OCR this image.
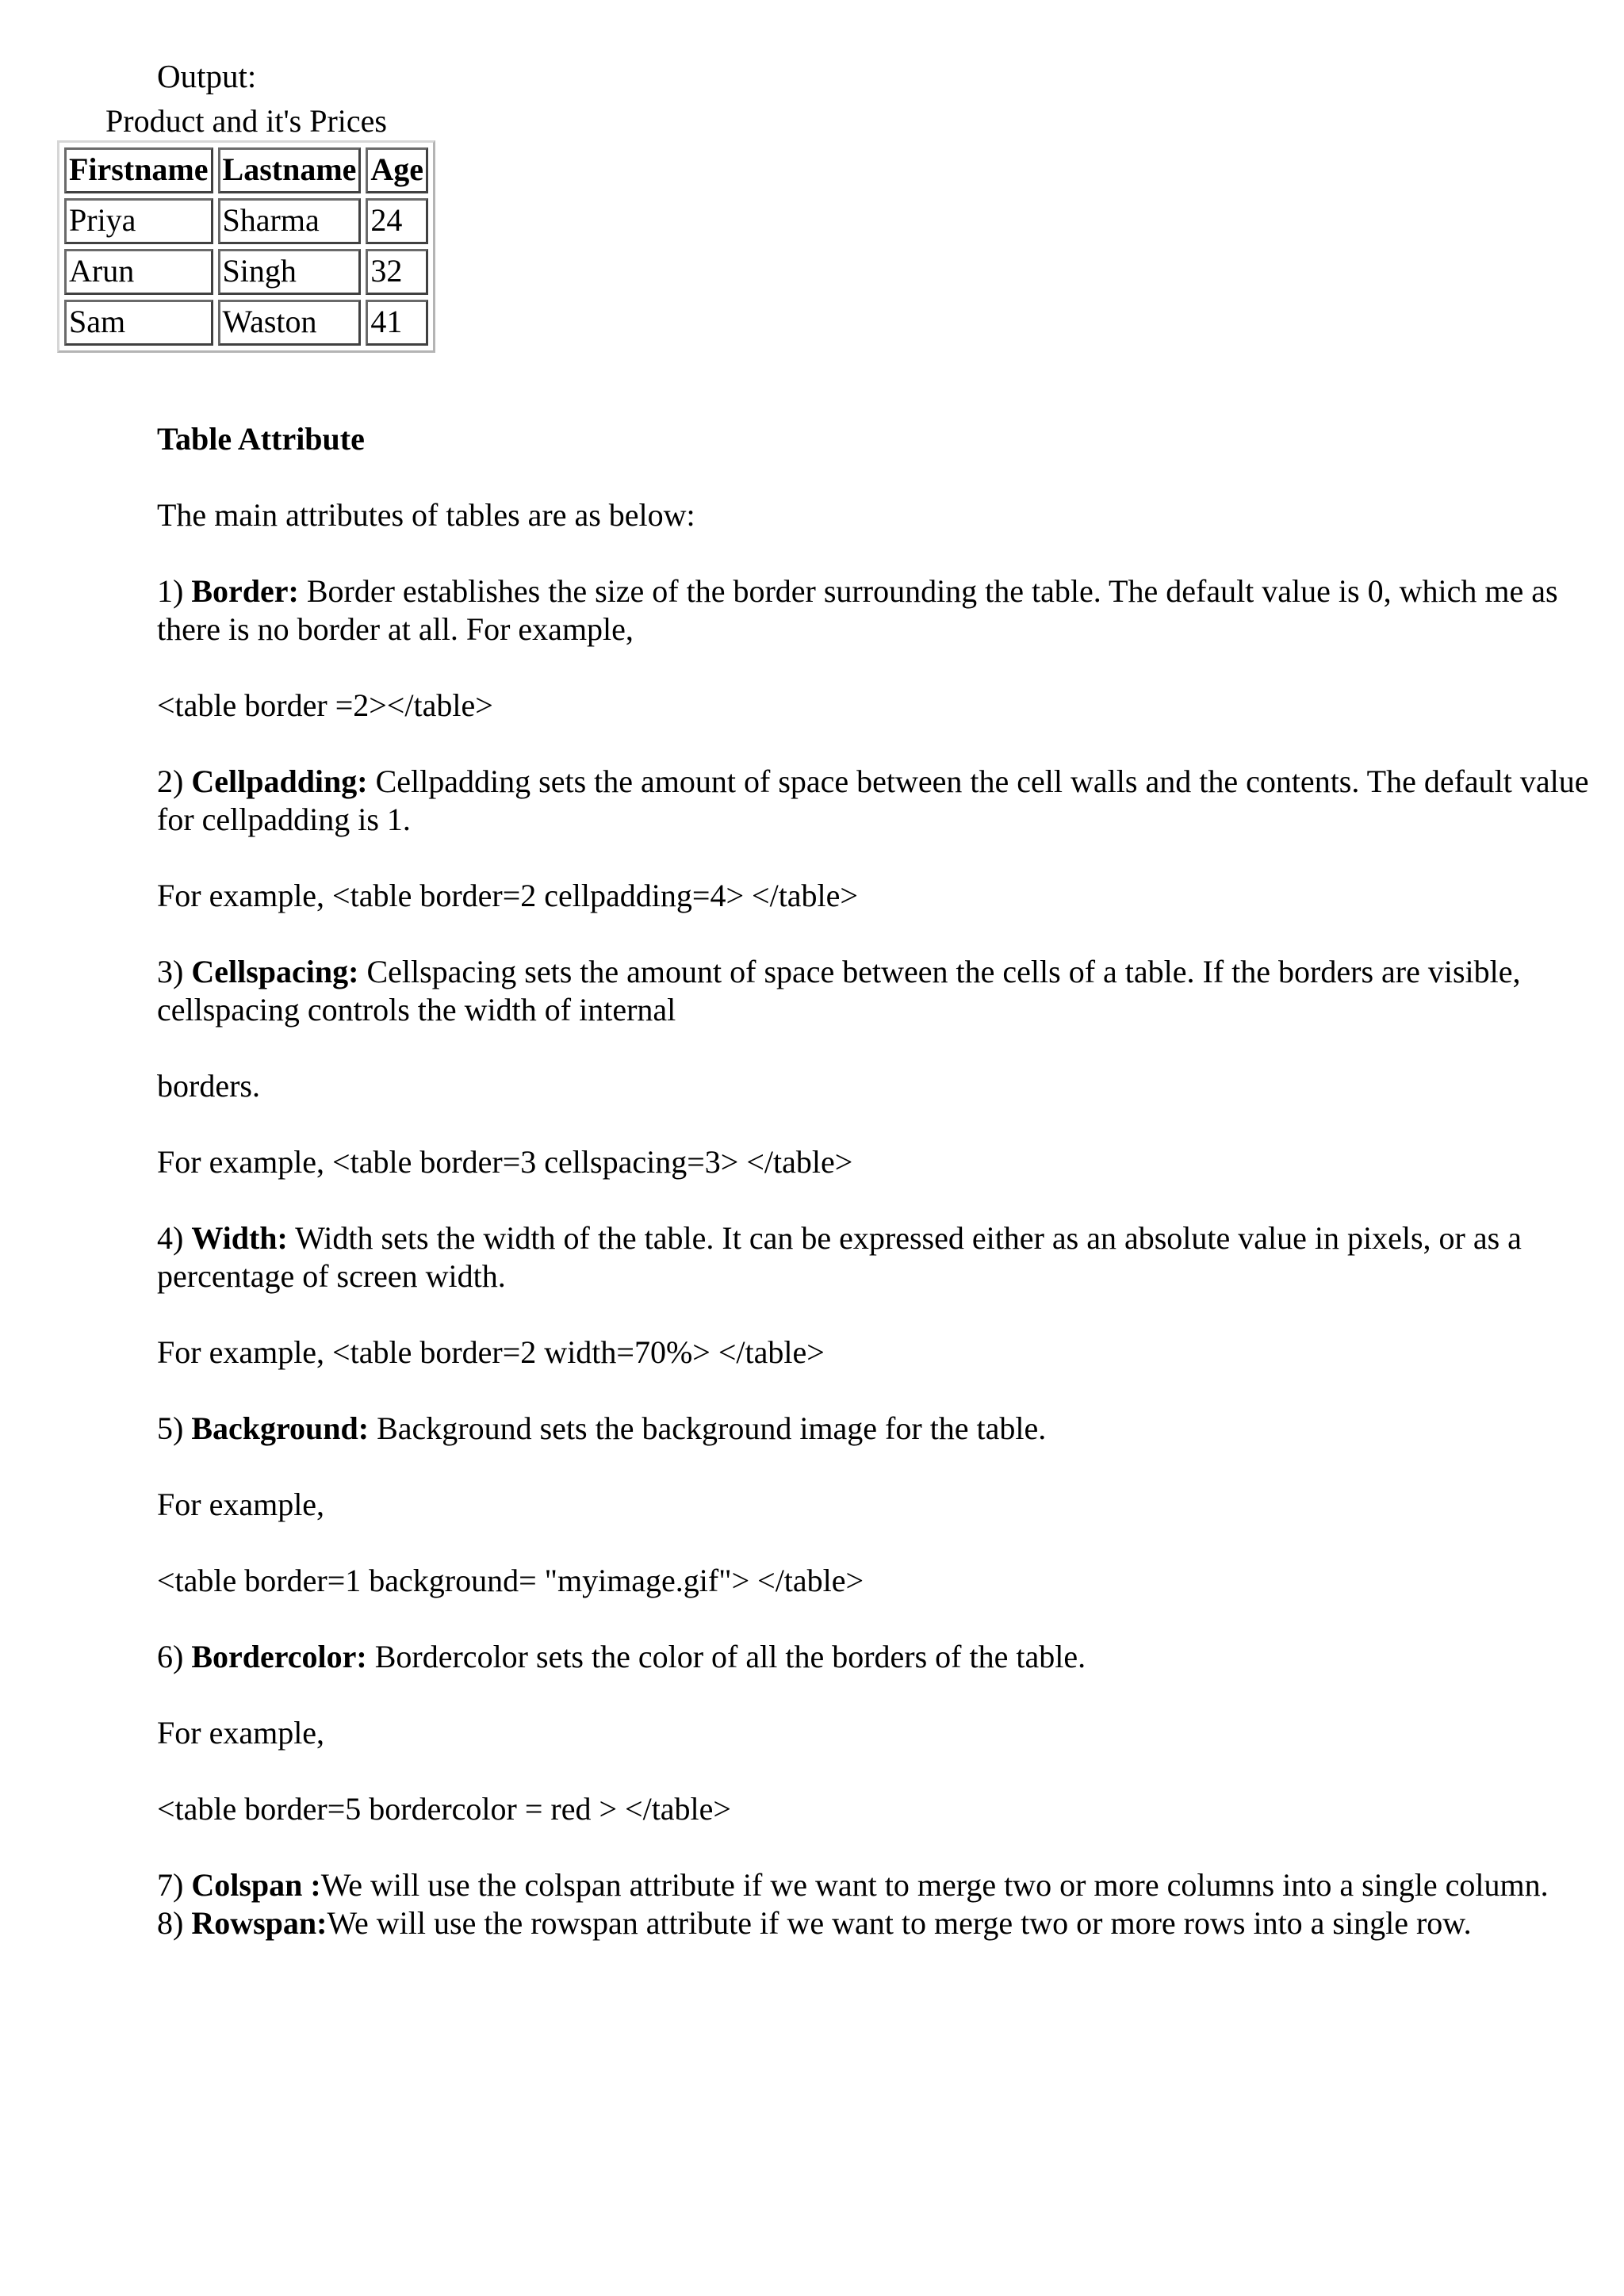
Output:
Product and it's Prices
Firstname	Lastname	Age
Priya	Sharma	24
Arun	Singh	32
Sam	Waston	41

Table Attribute

The main attributes of tables are as below:

1) Border: Border establishes the size of the border surrounding the table. The default value is 0, which me as there is no border at all. For example,

<table border =2></table>

2) Cellpadding: Cellpadding sets the amount of space between the cell walls and the contents. The default value for cellpadding is 1.

For example, <table border=2 cellpadding=4> </table>

3) Cellspacing: Cellspacing sets the amount of space between the cells of a table. If the borders are visible, cellspacing controls the width of internal

borders.

For example, <table border=3 cellspacing=3> </table>

4) Width: Width sets the width of the table. It can be expressed either as an absolute value in pixels, or as a percentage of screen width.

For example, <table border=2 width=70%> </table>

5) Background: Background sets the background image for the table.

For example,

<table border=1 background= "myimage.gif"> </table>

6) Bordercolor: Bordercolor sets the color of all the borders of the table.

For example,

<table border=5 bordercolor = red > </table>

7) Colspan :We will use the colspan attribute if we want to merge two or more columns into a single column.

8) Rowspan:We will use the rowspan attribute if we want to merge two or more rows into a single row.
